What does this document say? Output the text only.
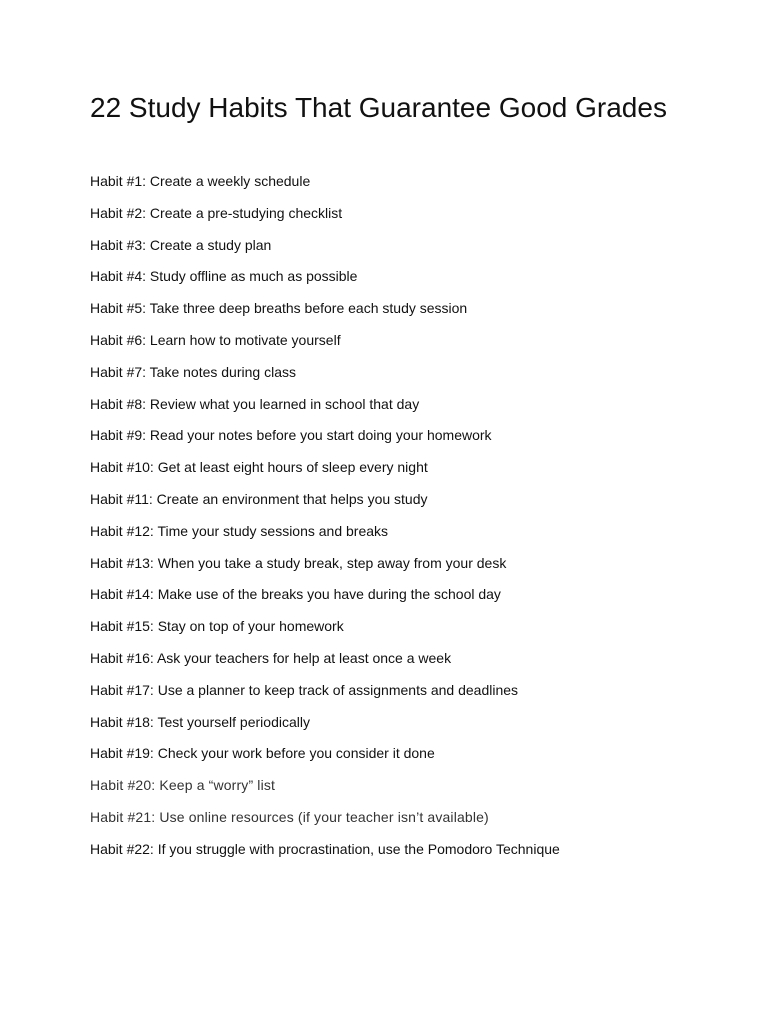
22 Study Habits That Guarantee Good Grades
Habit #1: Create a weekly schedule
Habit #2: Create a pre-studying checklist
Habit #3: Create a study plan
Habit #4: Study offline as much as possible
Habit #5: Take three deep breaths before each study session
Habit #6: Learn how to motivate yourself
Habit #7: Take notes during class
Habit #8: Review what you learned in school that day
Habit #9: Read your notes before you start doing your homework
Habit #10: Get at least eight hours of sleep every night
Habit #11: Create an environment that helps you study
Habit #12: Time your study sessions and breaks
Habit #13: When you take a study break, step away from your desk
Habit #14: Make use of the breaks you have during the school day
Habit #15: Stay on top of your homework
Habit #16: Ask your teachers for help at least once a week
Habit #17: Use a planner to keep track of assignments and deadlines
Habit #18: Test yourself periodically
Habit #19: Check your work before you consider it done
Habit #20: Keep a “worry” list
Habit #21: Use online resources (if your teacher isn’t available)
Habit #22: If you struggle with procrastination, use the Pomodoro Technique
